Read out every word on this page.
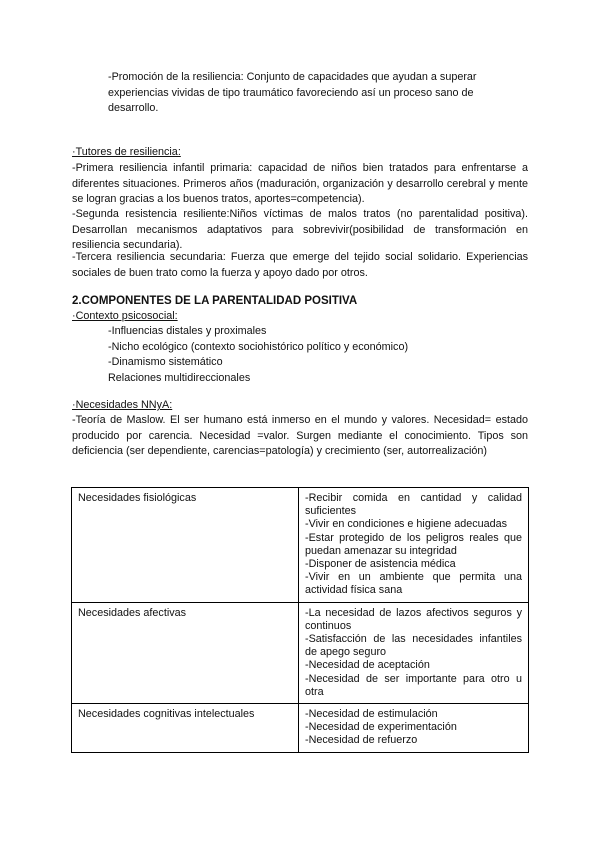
-Promoción de la resiliencia: Conjunto de capacidades que ayudan a superar
experiencias vividas de tipo traumático favoreciendo así un proceso sano de
desarrollo.
·Tutores de resiliencia:
-Primera resiliencia infantil primaria: capacidad de niños bien tratados para enfrentarse a diferentes situaciones. Primeros años (maduración, organización y desarrollo cerebral y mente se logran gracias a los buenos tratos, aportes=competencia).
-Segunda resistencia resiliente:Niños víctimas de malos tratos (no parentalidad positiva). Desarrollan mecanismos adaptativos para sobrevivir(posibilidad de transformación en resiliencia secundaria).
-Tercera resiliencia secundaria: Fuerza que emerge del tejido social solidario. Experiencias sociales de buen trato como la fuerza y apoyo dado por otros.
2.COMPONENTES DE LA PARENTALIDAD POSITIVA
·Contexto psicosocial:
-Influencias distales y proximales
-Nicho ecológico (contexto sociohistórico político y económico)
-Dinamismo sistemático
Relaciones multidireccionales
·Necesidades NNyA:
-Teoría de Maslow. El ser humano está inmerso en el mundo y valores. Necesidad= estado producido por carencia. Necesidad =valor. Surgen mediante el conocimiento. Tipos son deficiencia (ser dependiente, carencias=patología) y crecimiento (ser, autorrealización)
Necesidades fisiológicas	-Recibir comida en cantidad y calidad suficientes
-Vivir en condiciones e higiene adecuadas
-Estar protegido de los peligros reales que puedan amenazar su integridad
-Disponer de asistencia médica
-Vivir en un ambiente que permita una actividad física sana

Necesidades afectivas	-La necesidad de lazos afectivos seguros y continuos
-Satisfacción de las necesidades infantiles de apego seguro
-Necesidad de aceptación
-Necesidad de ser importante para otro u otra

Necesidades cognitivas intelectuales	-Necesidad de estimulación
-Necesidad de experimentación
-Necesidad de refuerzo
